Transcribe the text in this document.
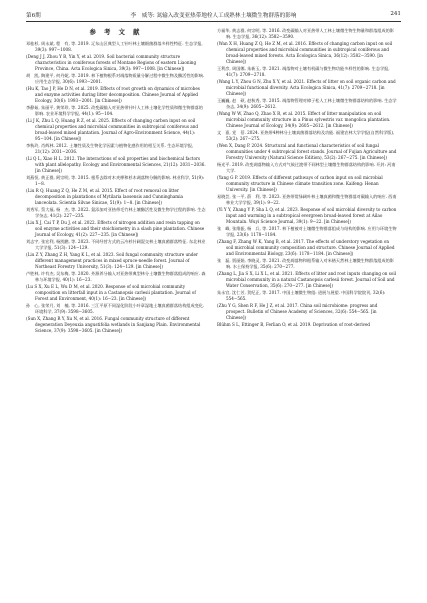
第6期	李　威等: 氮输入改变亚热带地栓人工成熟林土壤微生物群落的影响	241
参 考 文 献

邓桂杉, 周永斌, 程　有, 等. 2019. 辽东山区典型人工针叶林土壤细菌群落多样性特征. 生态学报, 39(3): 997−1008.

(Deng J J, Zhou Y B, Yin Y, et al. 2019. Soil bacterial community structure characteristics in coniferous forests of Montane Regions of eastern Liaoning Province, China. Acta Ecologica Sinica, 39(3): 997−1008. [in Chinese])

胡　凯, 陶建平, 何丹妮, 等. 2019. 林下植物根系对凋落物质量分解过程中微生物及酶活性的影响. 应用生态学报, 30(6): 1993−2001.

(Hu K, Tao J P, He D N, et al. 2019. Effects of root growth on dynamics of microbes and enzyme activities during litter decomposition. Chinese Journal of Applied Ecology, 30(6): 1993−2001. [in Chinese])

李静茹, 朱丽平, 黄荣珍, 等. 2025. 改变碳输入对亚热带针叶人工林土壤化学性质和微生物群落的影响. 农业环境科学学报, 44(1): 95−104.

(Li J K, Zhu L Q, Huang R Z, et al. 2025. Effects of changing carbon input on soil chemical properties and microbial communities in subtropical coniferous and broad-leaved mixed plantation. Journal of Agro-Environment Science, 44(1): 95−104. [in Chinese])

李秋玲, 肖辉林. 2012. 土壤性质及生物化学因素与植物化感作用的相互关系. 生态环境学报, 21(12): 2031−2036.

(Li Q L, Xiao H L. 2012. The interactions of soil properties and biochemical factors with plant allelopathy. Ecology and Environmental Sciences, 21(12): 2031−2036. [in Chinese])

刘燕恒, 黄正群, 阿宗明, 等. 2015. 根系去除对木麦桦和杉木凋落物分解的影响. 林业科学, 51(9): 1−8.

(Liu R Q, Huang Z Q, He Z M, et al. 2015. Effect of root removal on litter decomposition in plantations of Mytilaria laosensis and Cunninghamia lanceolata. Scientia Silvae Sinicae, 51(9): 1−8. [in Chinese])

刘秀军, 蔡大福, 杨　杰, 等. 2022. 氮添加对亚热带毛竹林土壤酶活性及微生物学过程的影响. 生态学杂志, 41(2): 227−235.

(Liu X J, Cai T P, Du J, et al. 2022. Effects of nitrogen addition and resin tapping on soil enzyme activities and their stoichiometry in a slash pine plantation. Chinese Journal of Ecology, 41(2): 227−235. [in Chinese])

刘志宇, 张宏利, 杨凯鹏, 等. 2023. 不同经营方式的云冷杉针阔混交林土壤真菌群落特征. 东北林业大学学报, 51(3): 124−129.

(Liu Z Y, Zhang Z H, Yang K L, et al. 2023. Soil fungal community structure under different management practices in mixed spruce-needle forest. Journal of Northeast Forestry University, 51(3): 124−129. [in Chinese])

卢胜林, 许有杰, 吴东梅, 等. 2020. 外源养分输入对亚热带典型林分土壤微生物群落组成的响应. 森林与环境学报, 40(1): 16−23.

(Lu S X, Xu E L, Wu D M, et al. 2020. Response of soil microbial community composition on litterfall input in a Castanopsis carlesii plantation. Journal of Forest and Environment, 40(1): 16−23. [in Chinese])

孙　心, 张荣月, 刘　楠, 等. 2016. 三江平原不同湿化阶段小叶章湿地土壤真菌群落结构组成变化. 环境科学, 37(9): 3598−3605.

(Sun X, Zhang R Y, Xu N, et al. 2016. Fungal community structure of different degeneration Deyeuxia angustifolia wetlands in Sanjiang Plain. Environmental Science, 37(9): 3598−3605. [in Chinese])

方福华, 黄志群, 何宗明, 等. 2016. 改变碳输入对亚热带人工林土壤微生物生物量和群落组成的影响. 生态学报, 36(12): 3582−3590.

(Wan X H, Huang Z Q, He Z M, et al. 2016. Effects of changing carbon input on soil chemical properties and microbial communities in subtropical coniferous and broad-leaved mixed forests. Acta Ecologica Sinica, 36(12): 3582−3590. [in Chinese])

王利彦, 周国娜, 朱新玉, 等. 2021. 凋落物对土壤有机碳与微生物功能多样性的影响. 生态学报, 41(7): 2709−2718.

(Wang L Y, Zhou G N, Zhu X Y, et al. 2021. Effects of litter on soil organic carbon and microbial functional diversity. Acta Ecologica Sinica, 41(7): 2709−2718. [in Chinese])

王巍巍, 赵　硕, 赵秋秀, 等. 2015. 凋落物管理对樟子松人工林土壤微生物群落结构的影响. 生态学杂志, 34(9): 2605−2612.

(Wang W W, Zhao Q, Zhao X R, et al. 2015. Effect of litter manipulation on soil microbial community structure in a Pinus sylvestris var. mongolica plantation. Chinese Journal of Ecology, 34(9): 2605−2612. [in Chinese])

文　嘉, 党　蓓. 2024. 亚热带4种林分土壤真菌群落结构及功能. 福建农林大学学报(自然科学版), 53(2): 267−275.

(Wen X, Dang P. 2024. Structural and functional characteristics of soil fungal communities under 4 subtropical forest stands. Journal of Fujian Agriculture and Forestry University (Natural Science Edition), 53(2): 267−275. [in Chinese])

杨光平. 2019. 改变凋落物输入方式对气候过渡带不同林型土壤微生物群落结构的影响. 开封: 河南大学.

(Yang G P. 2019. Effects of different pathways of carbon input on soil microbial community structure in Chinese climate transition zone. Kaifeng: Henan University. [in Chinese])

易晓芸, 张一平, 薛　利, 等. 2023. 亚热带常绿阔叶林土壤真菌和微生物群落对碳输入的响应. 西南林业大学学报, 39(1): 9−22.

(Yi Y Y, Zhang Y P, Sha L Q, et al. 2023. Response of soil microbial diversity to carbon input and warming in a subtropical evergreen broad-leaved forest at Ailao Mountain. Wuyi Science Journal, 39(1): 9−22. [in Chinese])

张　峰, 张维振, 杨　兵, 等. 2017. 林下植被对土壤微生物群落组成与结构的影响. 应用与环境生物学报, 23(6): 1178−1184.

(Zhang F, Zhang W K, Yang B, et al. 2017. The effects of understory vegetation on soil microbial community composition and structure. Chinese Journal of Applied and Environmental Biology, 23(6): 1178−1184. [in Chinese])

张　磊, 贾丽娟, 李晓灵, 等. 2021. 改变凋落物和根系输入对米楮天然林土壤微生物群落组成的影响. 水土保持学报, 35(6): 270−277.

(Zhang L, Jia S X, Li X L, et al. 2021. Effects of litter and root inputs changing on soil microbial community in a natural Castanopsis carlesii forest. Journal of Soil and Water Conservation, 35(6): 270−277. [in Chinese])

朱永官, 沈仁芳, 贺纪正, 等. 2017. 中国土壤微生物组: 进展与展望. 中国科学院院刊, 32(6): 554−565.

(Zhu Y G, Shen R F, He J Z, et al. 2017. China soil microbiome: progress and prospect. Bulletin of Chinese Academy of Sciences, 32(6): 554−565. [in Chinese])

Blühm S L, Ettinger B, Ferlian O, et al. 2019. Deprivation of root-derived
